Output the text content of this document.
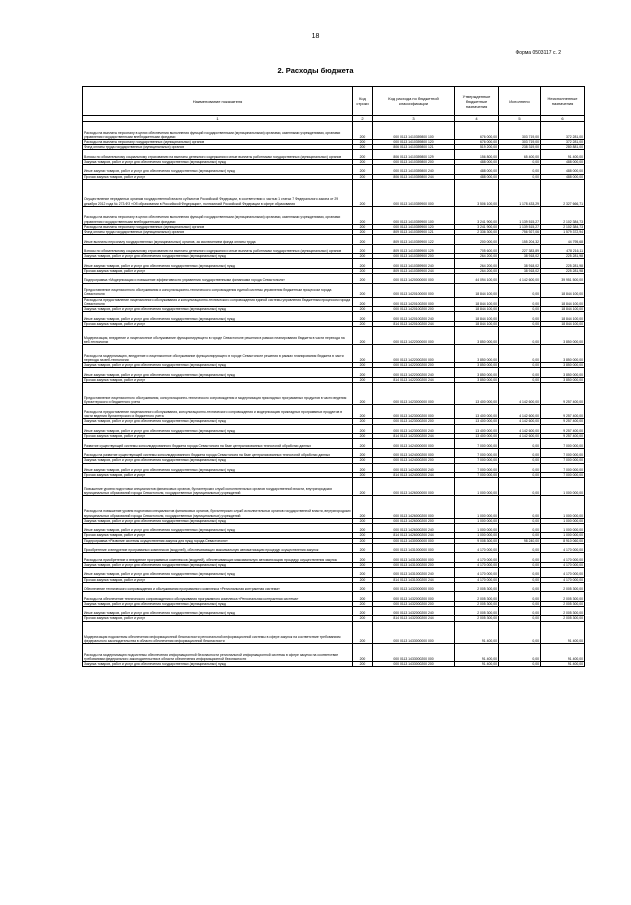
18
Форма 0503117 с. 2
2. Расходы бюджета
Наименование показателя	Код строки	Код расхода по бюджетной классификации	Утвержденные бюджетные назначения	Исполнено	Неисполненные назначения
1	2	3	4	5	6
Расходы на выплаты персоналу в целях обеспечения выполнения функций государственными (муниципальными) органами, казенными учреждениями, органами управления государственными внебюджетными фондами	200	000 0113 1410359800 100	676 000,00	303 719,00	372 281,00
Расходы на выплаты персоналу государственных (муниципальных) органов	200	000 0113 1410359800 120	676 000,00	303 719,00	372 281,00
Фонд оплаты труда государственных (муниципальных) органов	200	806 0113 1410359800 121	519 200,00	238 319,00	280 881,00
Взносы по обязательному социальному страхованию на выплаты денежного содержания и иные выплаты работникам государственных (муниципальных) органов	200	806 0113 1410359800 129	156 800,00	65 400,00	91 400,00
Закупка товаров, работ и услуг для обеспечения государственных (муниципальных) нужд	200	000 0113 1410359800 200	488 000,00	0,00	488 000,00
Иные закупки товаров, работ и услуг для обеспечения государственных (муниципальных) нужд	200	000 0113 1410359800 240	488 000,00	0,00	488 000,00
Прочая закупка товаров, работ и услуг	200	806 0113 1410359800 244	488 000,00	0,00	488 000,00
Осуществление переданных органам государственной власти субъектов Российской Федерации, в соответствии с частью 1 статьи 7 Федерального закона от 29 декабря 2012 года № 273-ФЗ «Об образовании в Российской Федерации», полномочий Российской Федерации в сфере образования	200	000 0113 1410359900 000	3 506 100,00	1 178 433,29	2 327 666,71
Расходы на выплаты персоналу в целях обеспечения выполнения функций государственными (муниципальными) органами, казенными учреждениями, органами управления государственными внебюджетными фондами	200	000 0113 1410359900 100	3 241 900,00	1 139 515,27	2 102 384,73
Расходы на выплаты персоналу государственных (муниципальных) органов	200	000 0113 1410359900 120	3 241 900,00	1 139 515,27	2 102 384,73
Фонд оплаты труда государственных (муниципальных) органов	200	809 0113 1410359900 121	2 336 300,00	756 927,06	1 579 372,94
Иные выплаты персоналу государственных (муниципальных) органов, за исключением фонда оплаты труда	200	809 0113 1410359900 122	200 000,00	155 204,32	44 795,68
Взносы по обязательному социальному страхованию на выплаты денежного содержания и иные выплаты работникам государственных (муниципальных) органов	200	809 0113 1410359900 129	705 600,00	227 383,89	478 216,11
Закупка товаров, работ и услуг для обеспечения государственных (муниципальных) нужд	200	000 0113 1410359900 200	264 200,00	38 918,02	225 281,98
Иные закупки товаров, работ и услуг для обеспечения государственных (муниципальных) нужд	200	000 0113 1410359900 240	264 200,00	38 918,02	225 281,98
Прочая закупка товаров, работ и услуг	200	809 0113 1410359900 244	264 200,00	38 918,02	225 281,98
Подпрограмма «Модернизация и повышение эффективности управления государственными финансами города Севастополя»	200	000 0113 1420000000 000	44 094 100,00	4 142 600,00	39 951 500,00
Предоставление лицензионного обслуживания и консультационно-технического сопровождения единой системы управления бюджетным процессом города Севастополя	200	000 0113 1420100000 000	18 844 100,00	0,00	18 844 100,00
Расходы на предоставление лицензионного обслуживания и консультационно-технического сопровождения единой системы управления бюджетным процессом города Севастополя	200	000 0113 1420100200 000	18 844 100,00	0,00	18 844 100,00
Закупка товаров, работ и услуг для обеспечения государственных (муниципальных) нужд	200	000 0113 1420100200 200	18 844 100,00	0,00	18 844 100,00
Иные закупки товаров, работ и услуг для обеспечения государственных (муниципальных) нужд	200	000 0113 1420100200 240	18 844 100,00	0,00	18 844 100,00
Прочая закупка товаров, работ и услуг	200	814 0113 1420100200 244	18 844 100,00	0,00	18 844 100,00
Модернизация, внедрение и лицензионное обслуживание функционирующего в городе Севастополе решения в рамках планирования бюджета в части перехода на веб-технологии	200	000 0113 1422000000 000	3 850 000,00	0,00	3 850 000,00
Расходы на модернизацию, внедрение и лицензионное обслуживание функционирующего в городе Севастополе решения в рамках планирования бюджета в части перехода на веб-технологии	200	000 0113 1422000200 000	3 850 000,00	0,00	3 850 000,00
Закупка товаров, работ и услуг для обеспечения государственных (муниципальных) нужд	200	000 0113 1422000200 200	3 850 000,00	0,00	3 850 000,00
Иные закупки товаров, работ и услуг для обеспечения государственных (муниципальных) нужд	200	000 0113 1422000200 240	3 850 000,00	0,00	3 850 000,00
Прочая закупка товаров, работ и услуг	200	814 0113 1422000200 244	3 850 000,00	0,00	3 850 000,00
Предоставление лицензионного обслуживания, консультационно-технического сопровождения и модернизация прикладных программных продуктов в части ведения бухгалтерского и бюджетного учета	200	000 0113 1423000000 000	13 400 000,00	4 142 600,00	9 257 400,00
Расходы на предоставление лицензионного обслуживания, консультационно-технического сопровождения и модернизацию прикладных программных продуктов в части ведения бухгалтерского и бюджетного учета	200	000 0113 1423000200 000	13 400 000,00	4 142 600,00	9 257 400,00
Закупка товаров, работ и услуг для обеспечения государственных (муниципальных) нужд	200	000 0113 1423000200 200	13 400 000,00	4 142 600,00	9 257 400,00
Иные закупки товаров, работ и услуг для обеспечения государственных (муниципальных) нужд	200	000 0113 1423000200 240	13 400 000,00	4 142 600,00	9 257 400,00
Прочая закупка товаров, работ и услуг	200	814 0113 1423000200 244	13 400 000,00	4 142 600,00	9 257 400,00
Развитие существующей системы консолидированного бюджета города Севастополя на базе централизованных технологий обработки данных	200	000 0113 1424000000 000	7 000 000,00	0,00	7 000 000,00
Расходы на развитие существующей системы консолидированного бюджета города Севастополя на базе централизованных технологий обработки данных	200	000 0113 1424000200 000	7 000 000,00	0,00	7 000 000,00
Закупка товаров, работ и услуг для обеспечения государственных (муниципальных) нужд	200	000 0113 1424000200 200	7 000 000,00	0,00	7 000 000,00
Иные закупки товаров, работ и услуг для обеспечения государственных (муниципальных) нужд	200	000 0113 1424000200 240	7 000 000,00	0,00	7 000 000,00
Прочая закупка товаров, работ и услуг	200	814 0113 1424000200 244	7 000 000,00	0,00	7 000 000,00
Повышение уровня подготовки специалистов финансовых органов, бухгалтерских служб исполнительных органов государственной власти, внутригородских муниципальных образований города Севастополя, государственных (муниципальных) учреждений	200	000 0113 1426000000 000	1 000 000,00	0,00	1 000 000,00
Расходы на повышение уровня подготовки специалистов финансовых органов, бухгалтерских служб исполнительных органов государственной власти, внутригородских муниципальных образований города Севастополя, государственных (муниципальных) учреждений	200	000 0113 1426000200 000	1 000 000,00	0,00	1 000 000,00
Закупка товаров, работ и услуг для обеспечения государственных (муниципальных) нужд	200	000 0113 1426000200 200	1 000 000,00	0,00	1 000 000,00
Иные закупки товаров, работ и услуг для обеспечения государственных (муниципальных) нужд	200	000 0113 1426000200 240	1 000 000,00	0,00	1 000 000,00
Прочая закупка товаров, работ и услуг	200	814 0113 1426000200 244	1 000 000,00	0,00	1 000 000,00
Подпрограмма «Развитие системы осуществления закупок для нужд города Севастополя»	200	000 0113 1430000000 000	9 008 300,00	98 240,00	8 910 060,00
Приобретение и внедрение программных комплексов (модулей), обеспечивающих максимальную автоматизацию процедур осуществления закупок	200	000 0113 1431000000 000	4 170 000,00	0,00	4 170 000,00
Расходы на приобретение и внедрение программных комплексов (модулей), обеспечивающих максимальную автоматизацию процедур осуществления закупок	200	000 0113 1431000200 000	4 170 000,00	0,00	4 170 000,00
Закупка товаров, работ и услуг для обеспечения государственных (муниципальных) нужд	200	000 0113 1431000200 200	4 170 000,00	0,00	4 170 000,00
Иные закупки товаров, работ и услуг для обеспечения государственных (муниципальных) нужд	200	000 0113 1431000200 240	4 170 000,00	0,00	4 170 000,00
Прочая закупка товаров, работ и услуг	200	814 0113 1431000200 244	4 170 000,00	0,00	4 170 000,00
Обеспечение технического сопровождения и обслуживания программного комплекса «Региональная контрактная система»	200	000 0113 1432000000 000	2 005 300,00	0,00	2 005 300,00
Расходы на обеспечение технического сопровождения и обслуживания программного комплекса «Региональная контрактная система»	200	000 0113 1432000200 000	2 005 300,00	0,00	2 005 300,00
Закупка товаров, работ и услуг для обеспечения государственных (муниципальных) нужд	200	000 0113 1432000200 200	2 005 300,00	0,00	2 005 300,00
Иные закупки товаров, работ и услуг для обеспечения государственных (муниципальных) нужд	200	000 0113 1432000200 240	2 005 300,00	0,00	2 005 300,00
Прочая закупка товаров, работ и услуг	200	814 0113 1432000200 244	2 005 300,00	0,00	2 005 300,00
Модернизация подсистемы обеспечения информационной безопасности региональной информационной системы в сфере закупок на соответствие требованиям федерального законодательства в области обеспечения информационной безопасности	200	000 0113 1433000000 000	91 400,00	0,00	91 400,00
Расходы на модернизацию подсистемы обеспечения информационной безопасности региональной информационной системы в сфере закупок на соответствие требованиям федерального законодательства в области обеспечения информационной безопасности	200	000 0113 1433000200 000	91 400,00	0,00	91 400,00
Закупка товаров, работ и услуг для обеспечения государственных (муниципальных) нужд	200	000 0113 1433000200 200	91 400,00	0,00	91 400,00
